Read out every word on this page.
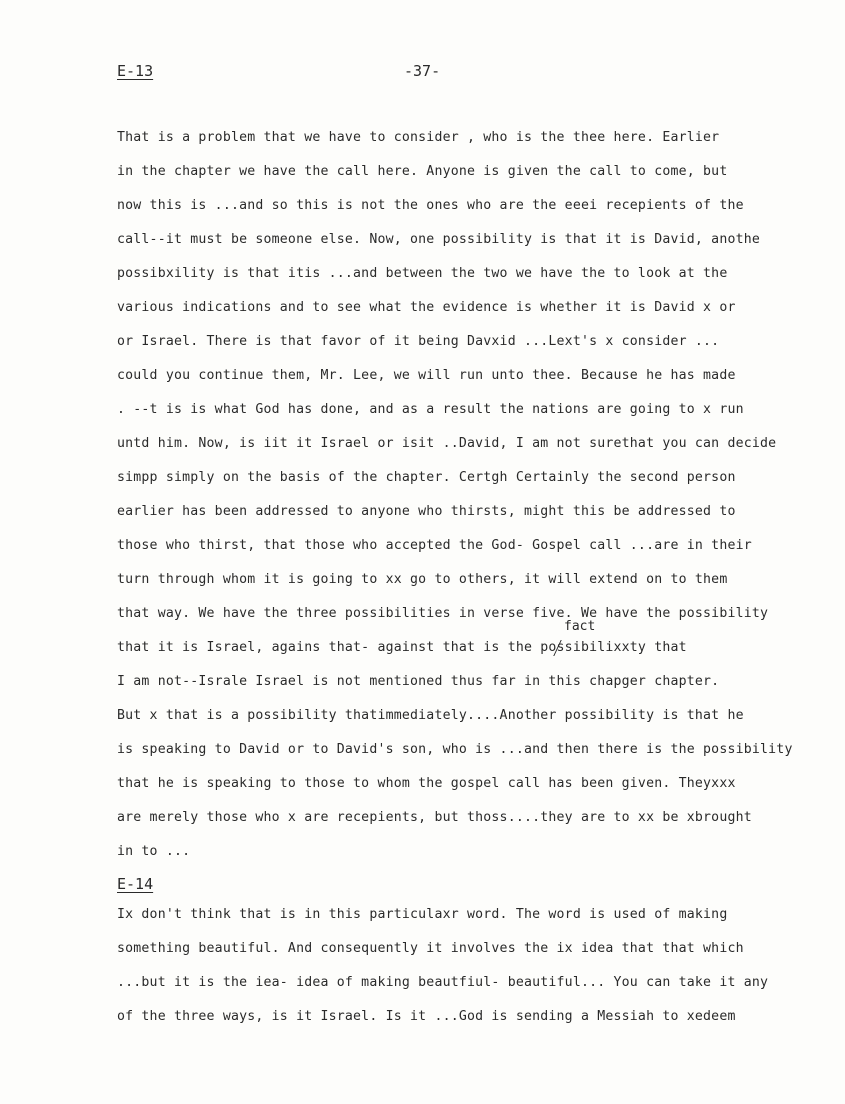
E-13	-37-
That is a problem that we have to consider , who is the thee here. Earlier
in the chapter we have the call here. Anyone is given the call to come, but
now this is ...and so this is not the ones who are the eeei recepients of the
call--it must be someone else. Now, one possibility is that it is David, anothe
possibxility is that itis ...and between the two we have the to look at the
various indications and to see what the evidence is whether it is David x or
or Israel. There is that favor of it being Davxid ...Lext's x consider ...
could you continue them, Mr. Lee, we will run unto thee. Because he has made
. --t is is what God has done, and as a result the nations are going to x run
untd him. Now, is iit it Israel or isit ..David, I am not surethat you can decide
simpp simply on the basis of the chapter. Certgh Certainly the second person
earlier has been addressed to anyone who thirsts, might this be addressed to
those who thirst, that those who accepted the God- Gospel call ...are in their
turn through whom it is going to xx go to others, it will extend on to them
that way. We have the three possibilities in verse five. We have the possibility
that it is Israel, agains that- against that is the possibilixxty that
I am not--Israle Israel is not mentioned thus far in this chapger chapter.
But x that is a possibility thatimmediately....Another possibility is that he
is speaking to David or to David's son, who is ...and then there is the possibility
that he is speaking to those to whom the gospel call has been given. Theyxxx
are merely those who x are recepients, but thoss....they are to xx be xbrought
in to ...
fact
E-14
Ix don't think that is in this particulaxr word. The word is used of making
something beautiful. And consequently it involves the ix idea that that which
...but it is the iea- idea of making beautfiul- beautiful... You can take it any
of the three ways, is it Israel. Is it ...God is sending a Messiah to xedeem
